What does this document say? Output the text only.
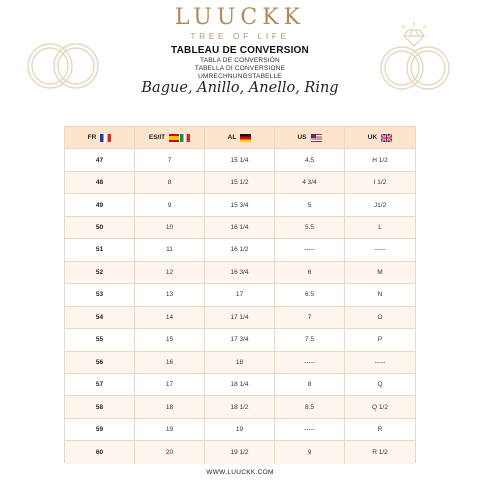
LUUCKK
TREE OF LIFE
TABLEAU DE CONVERSION
TABLA DE CONVERSIÓN
TABELLA DI CONVERSIONE
UMRECHNUNGSTABELLE
Bague, Anillo, Anello, Ring
FR	ES/IT	AL	US	UK
47	7	15 1/4	4.5	H 1/2
48	8	15 1/2	4 3/4	I 1/2
49	9	15 3/4	5	J1/2
50	10	16 1/4	5.5	L
51	11	16 1/2	-----	-----
52	12	16 3/4	6	M
53	13	17	6.5	N
54	14	17 1/4	7	O
55	15	17 3/4	7.5	P
56	16	18	-----	-----
57	17	18 1/4	8	Q
58	18	18 1/2	8.5	Q 1/2
59	19	19	-----	R
60	20	19 1/2	9	R 1/2
WWW.LUUCKK.COM
